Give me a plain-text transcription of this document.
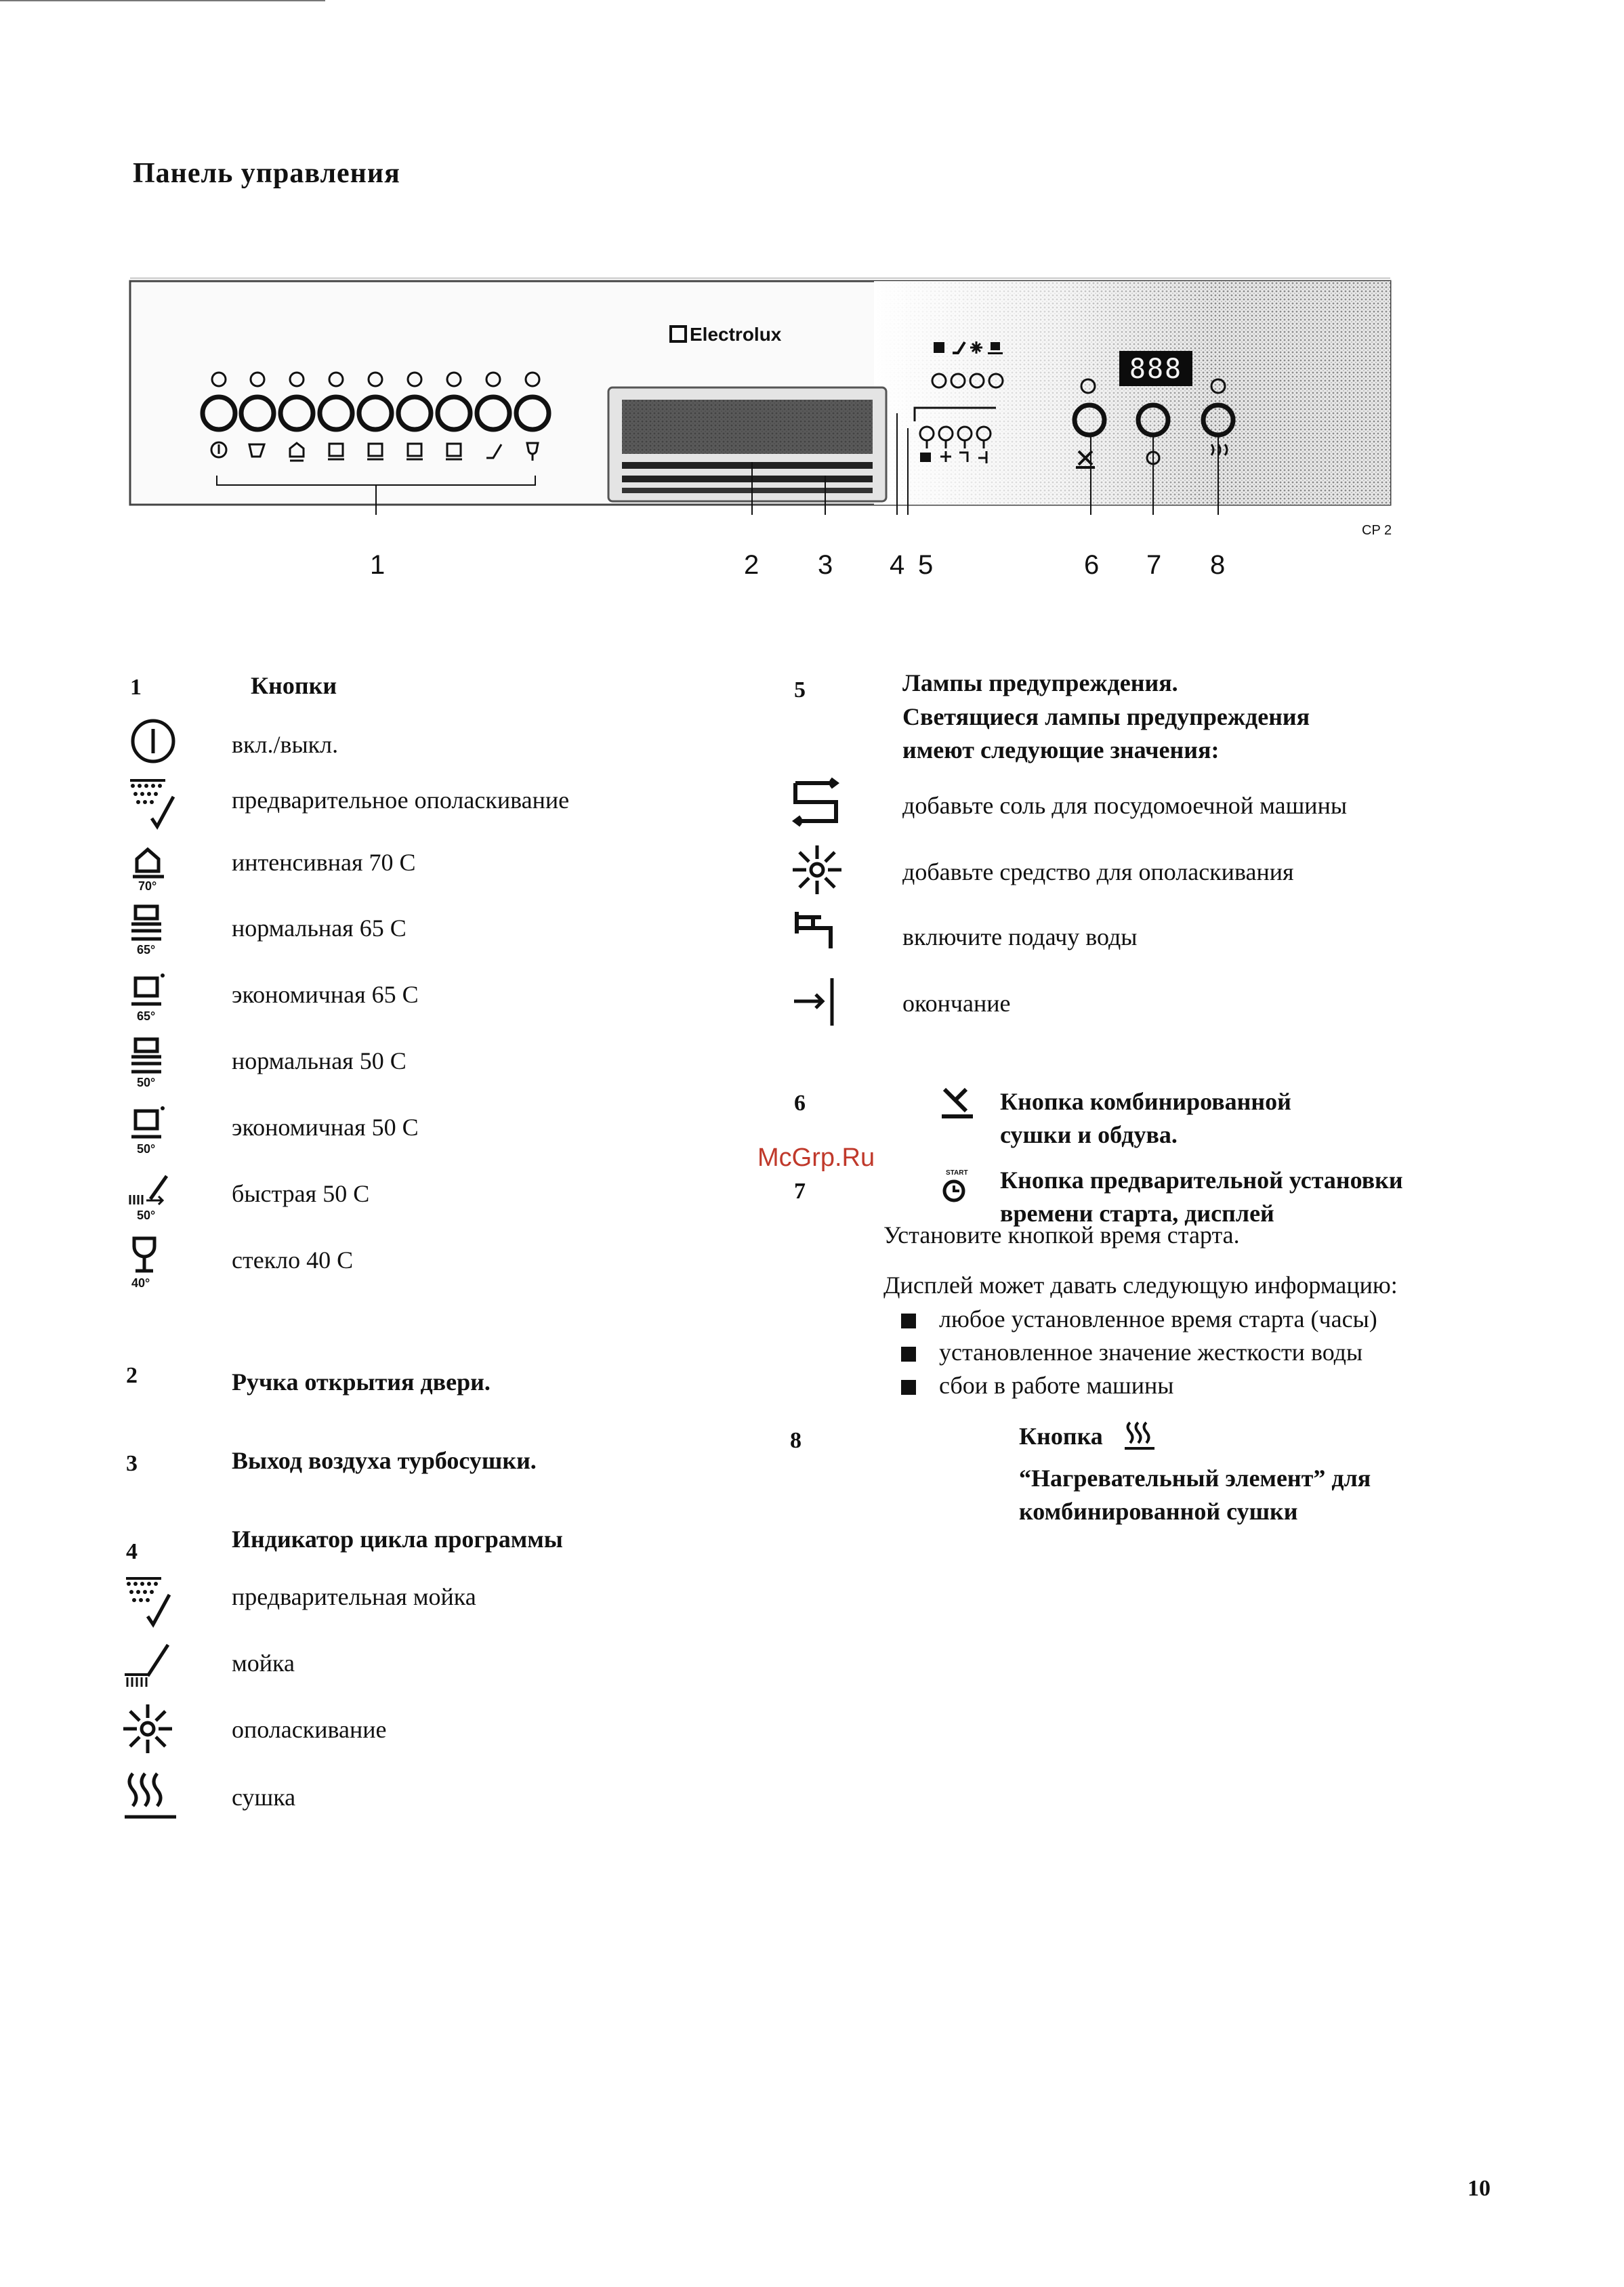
Панель управления
Electrolux
888
CP 2
1	2 3 4 5	6 7 8
1	Кнопки
вкл./выкл.
предварительное ополаскивание
70°
интенсивная 70 С
65°
нормальная 65 С
65°
экономичная 65 С
50°
нормальная 50 С
50°
экономичная 50 С
50°
быстрая 50 С
40°
стекло 40 С
2	Ручка открытия двери.
3	Выход воздуха турбосушки.
Индикатор цикла программы
4
предварительная мойка
мойка
ополаскивание
сушка
5	Лампы предупреждения.
Светящиеся лампы предупреждения
имеют следующие значения:
добавьте соль для посудомоечной машины
добавьте средство для ополаскивания
включите подачу воды
окончание
6	Кнопка комбинированной
сушки и обдува.
McGrp.Ru
7
START Кнопка предварительной установки
времени старта, дисплей
Установите кнопкой время старта.
Дисплей может давать следующую информацию:
любое установленное время старта (часы)
установленное значение жесткости воды
сбои в работе машины
8	Кнопка
“Нагревательный элемент” для
комбинированной сушки
10
